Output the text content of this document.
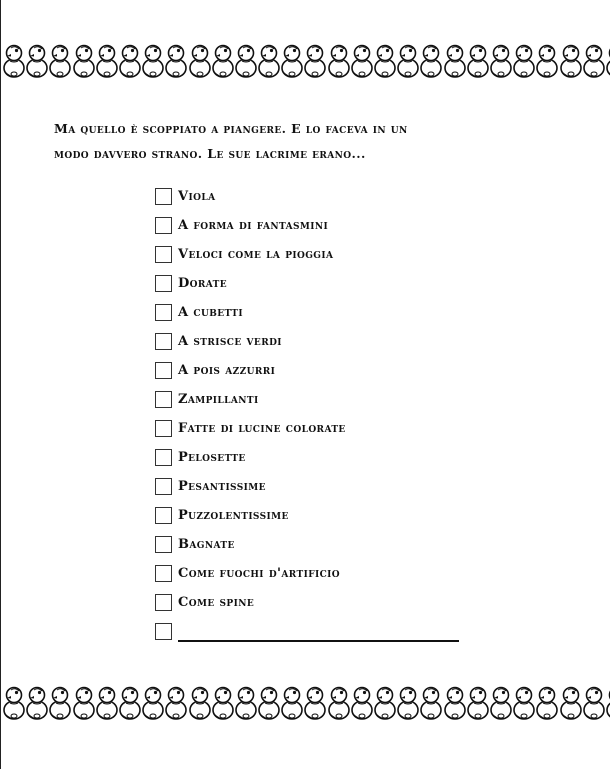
Ma quello è scoppiato a piangere. E lo faceva in un

modo davvero strano. Le sue lacrime erano...

Viola
A forma di fantasmini
Veloci come la pioggia
Dorate
A cubetti
A strisce verdi
A pois azzurri
Zampillanti
Fatte di lucine colorate
Pelosette
Pesantissime
Puzzolentissime
Bagnate
Come fuochi d'artificio
Come spine
